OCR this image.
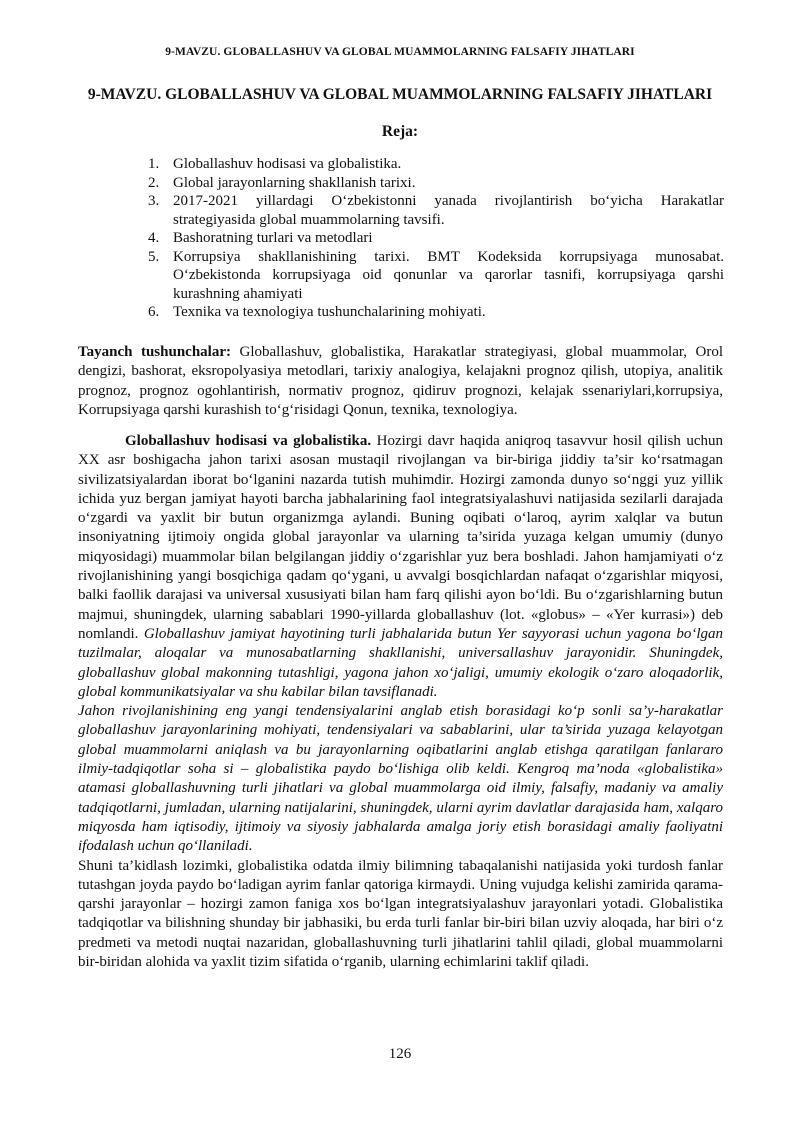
9-MAVZU. GLOBALLASHUV VA GLOBAL MUAMMOLARNING FALSAFIY JIHATLARI
9-MAVZU. GLOBALLASHUV VA GLOBAL MUAMMOLARNING FALSAFIY JIHATLARI
Reja:
1. Globallashuv hodisasi va globalistika.
2. Global jarayonlarning shakllanish tarixi.
3. 2017-2021 yillardagi O‘zbekistonni yanada rivojlantirish bo‘yicha Harakatlar strategiyasida global muammolarning tavsifi.
4. Bashoratning turlari va metodlari
5. Korrupsiya shakllanishining tarixi. BMT Kodeksida korrupsiyaga munosabat. O‘zbekistonda korrupsiyaga oid qonunlar va qarorlar tasnifi, korrupsiyaga qarshi kurashning ahamiyati
6. Texnika va texnologiya tushunchalarining mohiyati.

Tayanch tushunchalar: Globallashuv, globalistika, Harakatlar strategiyasi, global muammolar, Orol dengizi, bashorat, eksropolyasiya metodlari, tarixiy analogiya, kelajakni prognoz qilish, utopiya, analitik prognoz, prognoz ogohlantirish, normativ prognoz, qidiruv prognozi, kelajak ssenariylari,korrupsiya, Korrupsiyaga qarshi kurashish to‘g‘risidagi Qonun, texnika, texnologiya.

Globallashuv hodisasi va globalistika. Hozirgi davr haqida aniqroq tasavvur hosil qilish uchun XX asr boshigacha jahon tarixi asosan mustaqil rivojlangan va bir-biriga jiddiy ta’sir ko‘rsatmagan sivilizatsiyalardan iborat bo‘lganini nazarda tutish muhimdir. Hozirgi zamonda dunyo so‘nggi yuz yillik ichida yuz bergan jamiyat hayoti barcha jabhalarining faol integratsiyalashuvi natijasida sezilarli darajada o‘zgardi va yaxlit bir butun organizmga aylandi. Buning oqibati o‘laroq, ayrim xalqlar va butun insoniyatning ijtimoiy ongida global jarayonlar va ularning ta’sirida yuzaga kelgan umumiy (dunyo miqyosidagi) muammolar bilan belgilangan jiddiy o‘zgarishlar yuz bera boshladi. Jahon hamjamiyati o‘z rivojlanishining yangi bosqichiga qadam qo‘ygani, u avvalgi bosqichlardan nafaqat o‘zgarishlar miqyosi, balki faollik darajasi va universal xususiyati bilan ham farq qilishi ayon bo‘ldi. Bu o‘zgarishlarning butun majmui, shuningdek, ularning sabablari 1990-yillarda globallashuv (lot. «globus» – «Yer kurrasi») deb nomlandi. Globallashuv jamiyat hayotining turli jabhalarida butun Yer sayyorasi uchun yagona bo‘lgan tuzilmalar, aloqalar va munosabatlarning shakllanishi, universallashuv jarayonidir. Shuningdek, globallashuv global makonning tutashligi, yagona jahon xo‘jaligi, umumiy ekologik o‘zaro aloqadorlik, global kommunikatsiyalar va shu kabilar bilan tavsiflanadi.

Jahon rivojlanishining eng yangi tendensiyalarini anglab etish borasidagi ko‘p sonli sa’y-harakatlar globallashuv jarayonlarining mohiyati, tendensiyalari va sabablarini, ular ta’sirida yuzaga kelayotgan global muammolarni aniqlash va bu jarayonlarning oqibatlarini anglab etishga qaratilgan fanlararo ilmiy-tadqiqotlar soha si – globalistika paydo bo‘lishiga olib keldi. Kengroq ma’noda «globalistika» atamasi globallashuvning turli jihatlari va global muammolarga oid ilmiy, falsafiy, madaniy va amaliy tadqiqotlarni, jumladan, ularning natijalarini, shuningdek, ularni ayrim davlatlar darajasida ham, xalqaro miqyosda ham iqtisodiy, ijtimoiy va siyosiy jabhalarda amalga joriy etish borasidagi amaliy faoliyatni ifodalash uchun qo‘llaniladi.

Shuni ta’kidlash lozimki, globalistika odatda ilmiy bilimning tabaqalanishi natijasida yoki turdosh fanlar tutashgan joyda paydo bo‘ladigan ayrim fanlar qatoriga kirmaydi. Uning vujudga kelishi zamirida qarama-qarshi jarayonlar – hozirgi zamon faniga xos bo‘lgan integratsiyalashuv jarayonlari yotadi. Globalistika tadqiqotlar va bilishning shunday bir jabhasiki, bu erda turli fanlar bir-biri bilan uzviy aloqada, har biri o‘z predmeti va metodi nuqtai nazaridan, globallashuvning turli jihatlarini tahlil qiladi, global muammolarni bir-biridan alohida va yaxlit tizim sifatida o‘rganib, ularning echimlarini taklif qiladi.

126
